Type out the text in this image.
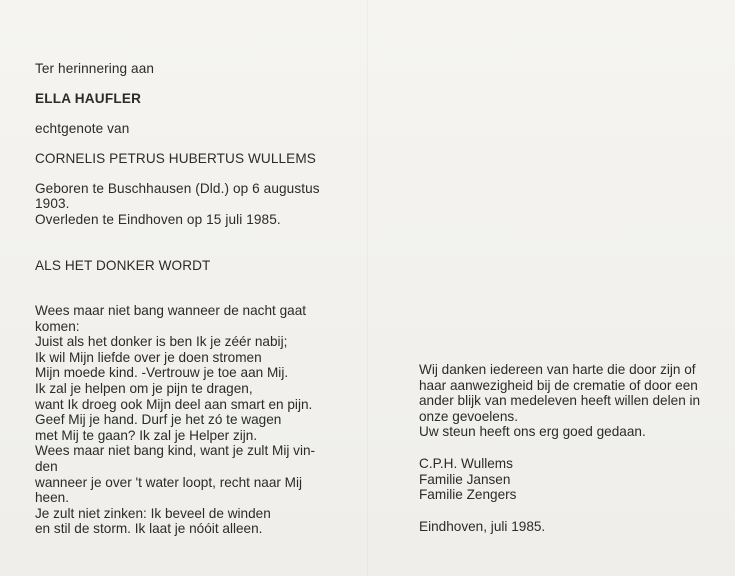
Ter herinnering aan
ELLA HAUFLER
echtgenote van
CORNELIS PETRUS HUBERTUS WULLEMS
Geboren te Buschhausen (Dld.) op 6 augustus
1903.
Overleden te Eindhoven op 15 juli 1985.
ALS HET DONKER WORDT
Wees maar niet bang wanneer de nacht gaat
komen:
Juist als het donker is ben Ik je zéér nabij;
Ik wil Mijn liefde over je doen stromen
Mijn moede kind. -Vertrouw je toe aan Mij.
Ik zal je helpen om je pijn te dragen,
want Ik droeg ook Mijn deel aan smart en pijn.
Geef Mij je hand. Durf je het zó te wagen
met Mij te gaan? Ik zal je Helper zijn.
Wees maar niet bang kind, want je zult Mij vin-
den
wanneer je over 't water loopt, recht naar Mij
heen.
Je zult niet zinken: Ik beveel de winden
en stil de storm. Ik laat je nóóit alleen.
Wij danken iedereen van harte die door zijn of
haar aanwezigheid bij de crematie of door een
ander blijk van medeleven heeft willen delen in
onze gevoelens.
Uw steun heeft ons erg goed gedaan.
C.P.H. Wullems
Familie Jansen
Familie Zengers
Eindhoven, juli 1985.
